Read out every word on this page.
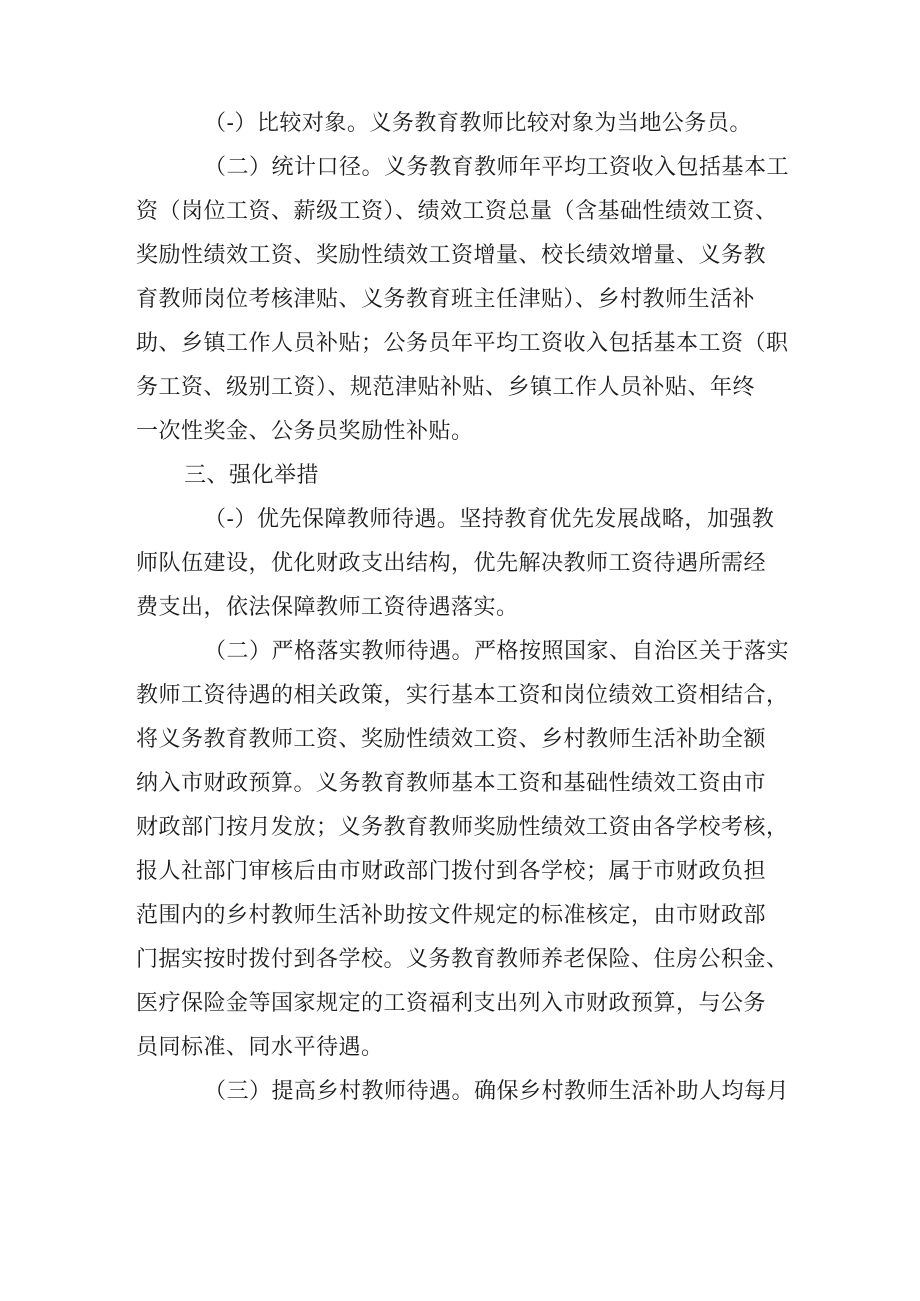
（-）比较对象。义务教育教师比较对象为当地公务员。
（二）统计口径。义务教育教师年平均工资收入包括基本工
资（岗位工资、薪级工资）、绩效工资总量（含基础性绩效工资、
奖励性绩效工资、奖励性绩效工资增量、校长绩效增量、义务教
育教师岗位考核津贴、义务教育班主任津贴）、乡村教师生活补
助、乡镇工作人员补贴；公务员年平均工资收入包括基本工资（职
务工资、级别工资）、规范津贴补贴、乡镇工作人员补贴、年终
一次性奖金、公务员奖励性补贴。
三、强化举措
（-）优先保障教师待遇。坚持教育优先发展战略，加强教
师队伍建设，优化财政支出结构，优先解决教师工资待遇所需经
费支出，依法保障教师工资待遇落实。
（二）严格落实教师待遇。严格按照国家、自治区关于落实
教师工资待遇的相关政策，实行基本工资和岗位绩效工资相结合，
将义务教育教师工资、奖励性绩效工资、乡村教师生活补助全额
纳入市财政预算。义务教育教师基本工资和基础性绩效工资由市
财政部门按月发放；义务教育教师奖励性绩效工资由各学校考核，
报人社部门审核后由市财政部门拨付到各学校；属于市财政负担
范围内的乡村教师生活补助按文件规定的标准核定，由市财政部
门据实按时拨付到各学校。义务教育教师养老保险、住房公积金、
医疗保险金等国家规定的工资福利支出列入市财政预算，与公务
员同标准、同水平待遇。
（三）提高乡村教师待遇。确保乡村教师生活补助人均每月
